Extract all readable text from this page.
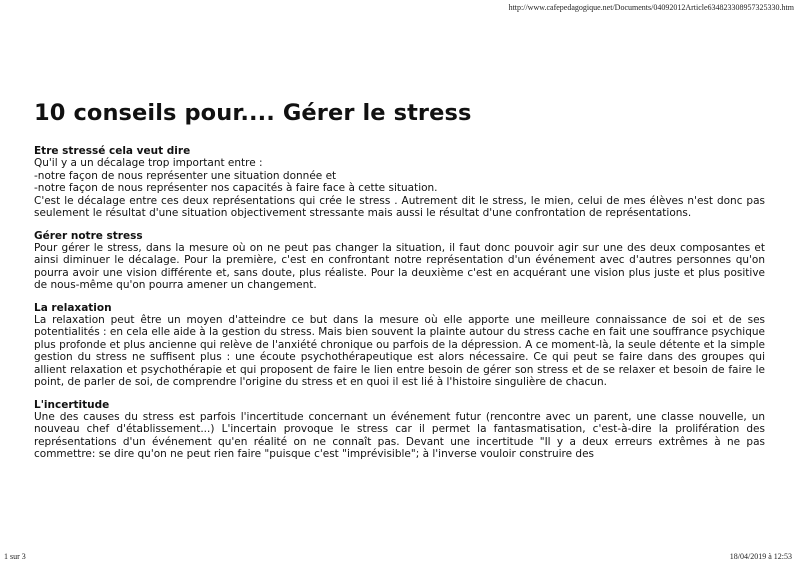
http://www.cafepedagogique.net/Documents/04092012Article634823308957325330.htm
10 conseils pour.... Gérer le stress
Etre stressé cela veut dire
Qu'il y a un décalage trop important entre :
-notre façon de nous représenter une situation donnée et
-notre façon de nous représenter nos capacités à faire face à cette situation.
C'est le décalage entre ces deux représentations qui crée le stress . Autrement dit le stress, le mien, celui de mes élèves n'est donc pas seulement le résultat d'une situation objectivement stressante mais aussi le résultat d'une confrontation de représentations.
Gérer notre stress
Pour gérer le stress, dans la mesure où on ne peut pas changer la situation, il faut donc pouvoir agir sur une des deux composantes et ainsi diminuer le décalage. Pour la première, c'est en confrontant notre représentation d'un événement avec d'autres personnes qu'on pourra avoir une vision différente et, sans doute, plus réaliste. Pour la deuxième c'est en acquérant une vision plus juste et plus positive de nous-même qu'on pourra amener un changement.
La relaxation
La relaxation peut être un moyen d'atteindre ce but dans la mesure où elle apporte une meilleure connaissance de soi et de ses potentialités : en cela elle aide à la gestion du stress. Mais bien souvent la plainte autour du stress cache en fait une souffrance psychique plus profonde et plus ancienne qui relève de l'anxiété chronique ou parfois de la dépression. A ce moment-là, la seule détente et la simple gestion du stress ne suffisent plus : une écoute psychothérapeutique est alors nécessaire. Ce qui peut se faire dans des groupes qui allient relaxation et psychothérapie et qui proposent de faire le lien entre besoin de gérer son stress et de se relaxer et besoin de faire le point, de parler de soi, de comprendre l'origine du stress et en quoi il est lié à l'histoire singulière de chacun.
L'incertitude
Une des causes du stress est parfois l'incertitude concernant un événement futur (rencontre avec un parent, une classe nouvelle, un nouveau chef d'établissement...) L'incertain provoque le stress car il permet la fantasmatisation, c'est-à-dire la prolifération des représentations d'un événement qu'en réalité on ne connaît pas. Devant une incertitude "Il y a deux erreurs extrêmes à ne pas commettre: se dire qu'on ne peut rien faire "puisque c'est "imprévisible"; à l'inverse vouloir construire des
1 sur 3	18/04/2019 à 12:53
